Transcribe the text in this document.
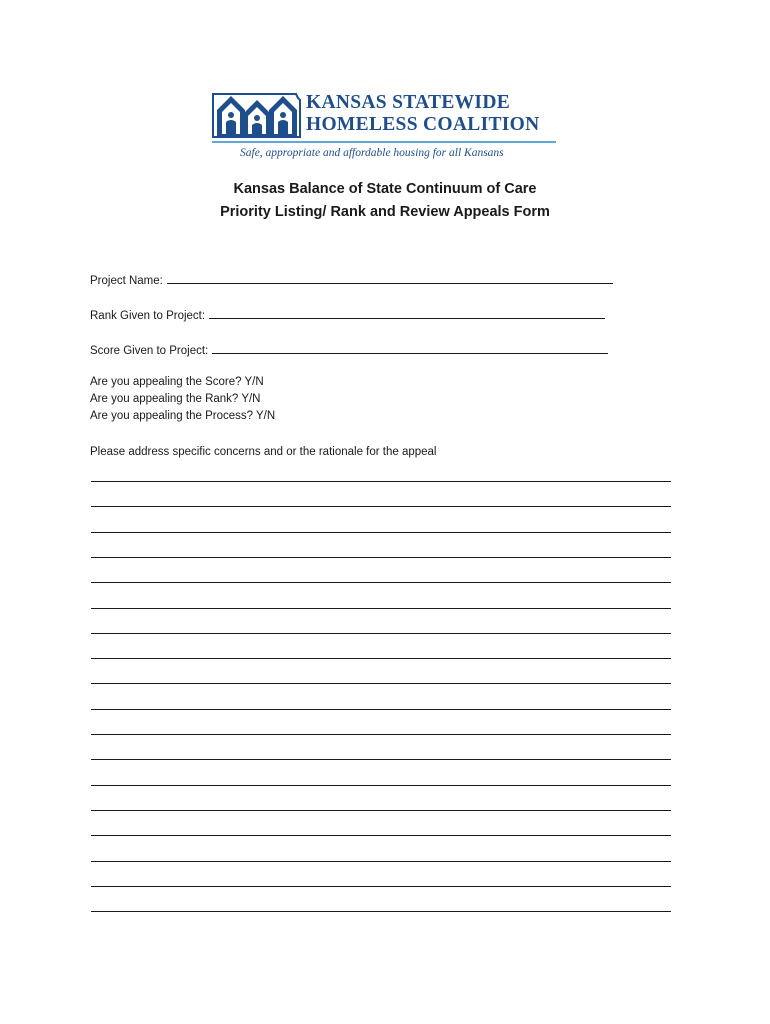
KANSAS STATEWIDE
HOMELESS COALITION
Safe, appropriate and affordable housing for all Kansans
Kansas Balance of State Continuum of Care
Priority Listing/ Rank and Review Appeals Form
Project Name:
Rank Given to Project:
Score Given to Project:
Are you appealing the Score? Y/N
Are you appealing the Rank? Y/N
Are you appealing the Process? Y/N
Please address specific concerns and or the rationale for the appeal
